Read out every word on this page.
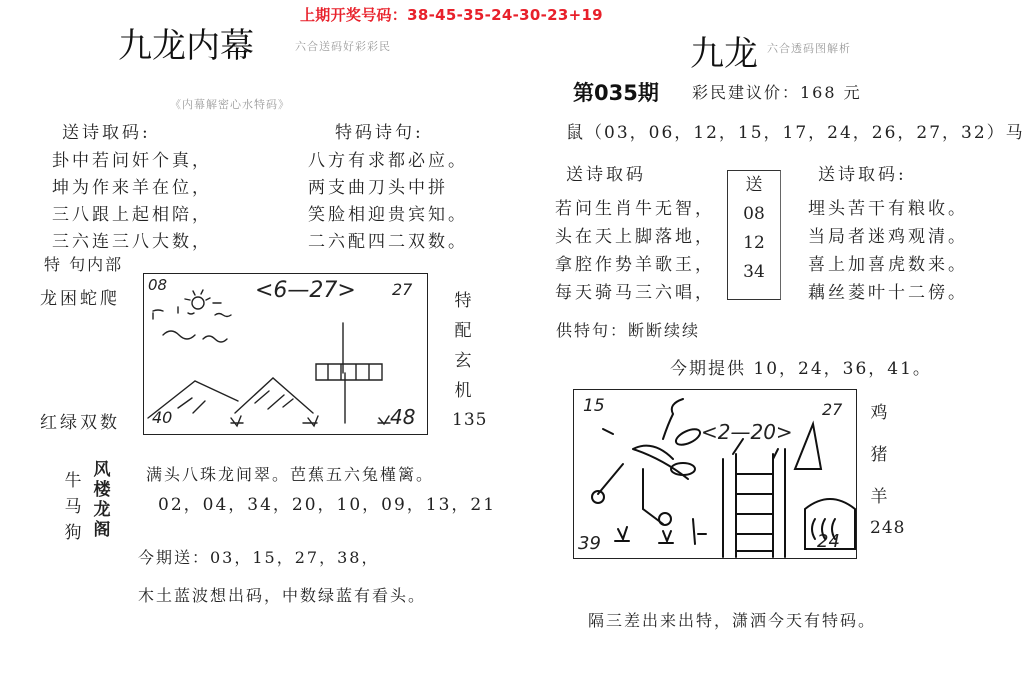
上期开奖号码：38-45-35-24-30-23+19
九龙内幕	六合送码好彩彩民
《内幕解密心水特码》
送诗取码:
卦中若问奸个真，
坤为作来羊在位，
三八跟上起相陪，
三六连三八大数，
特码诗句:
八方有求都必应。
两支曲刀头中拼
笑脸相迎贵宾知。
二六配四二双数。
特 句内部
龙困蛇爬
红绿双数
08	<6—27> 27
40	48
特
配
玄
机
135
牛
马
狗
风
楼
龙
阁
满头八珠龙间翠。芭蕉五六兔槿篱。
02，04，34，20，10，09，13，21
今期送：03，15，27，38，
木土蓝波想出码，中数绿蓝有看头。
九龙 六合透码图解析
第035期 彩民建议价：168 元
鼠（03，06，12，15，17，24，26，27，32）马
送诗取码
若问生肖牛无智，
头在天上脚落地，
拿腔作势羊歌王，
每天骑马三六唱，
送
08
12
34
送诗取码:
埋头苦干有粮收。
当局者迷鸡观清。
喜上加喜虎数来。
藕丝菱叶十二傍。
供特句：断断续续
今期提供 10，24，36，41。
15
<2—20>
27
39	24
鸡
猪
羊
248
隔三差出来出特，潇洒今天有特码。
